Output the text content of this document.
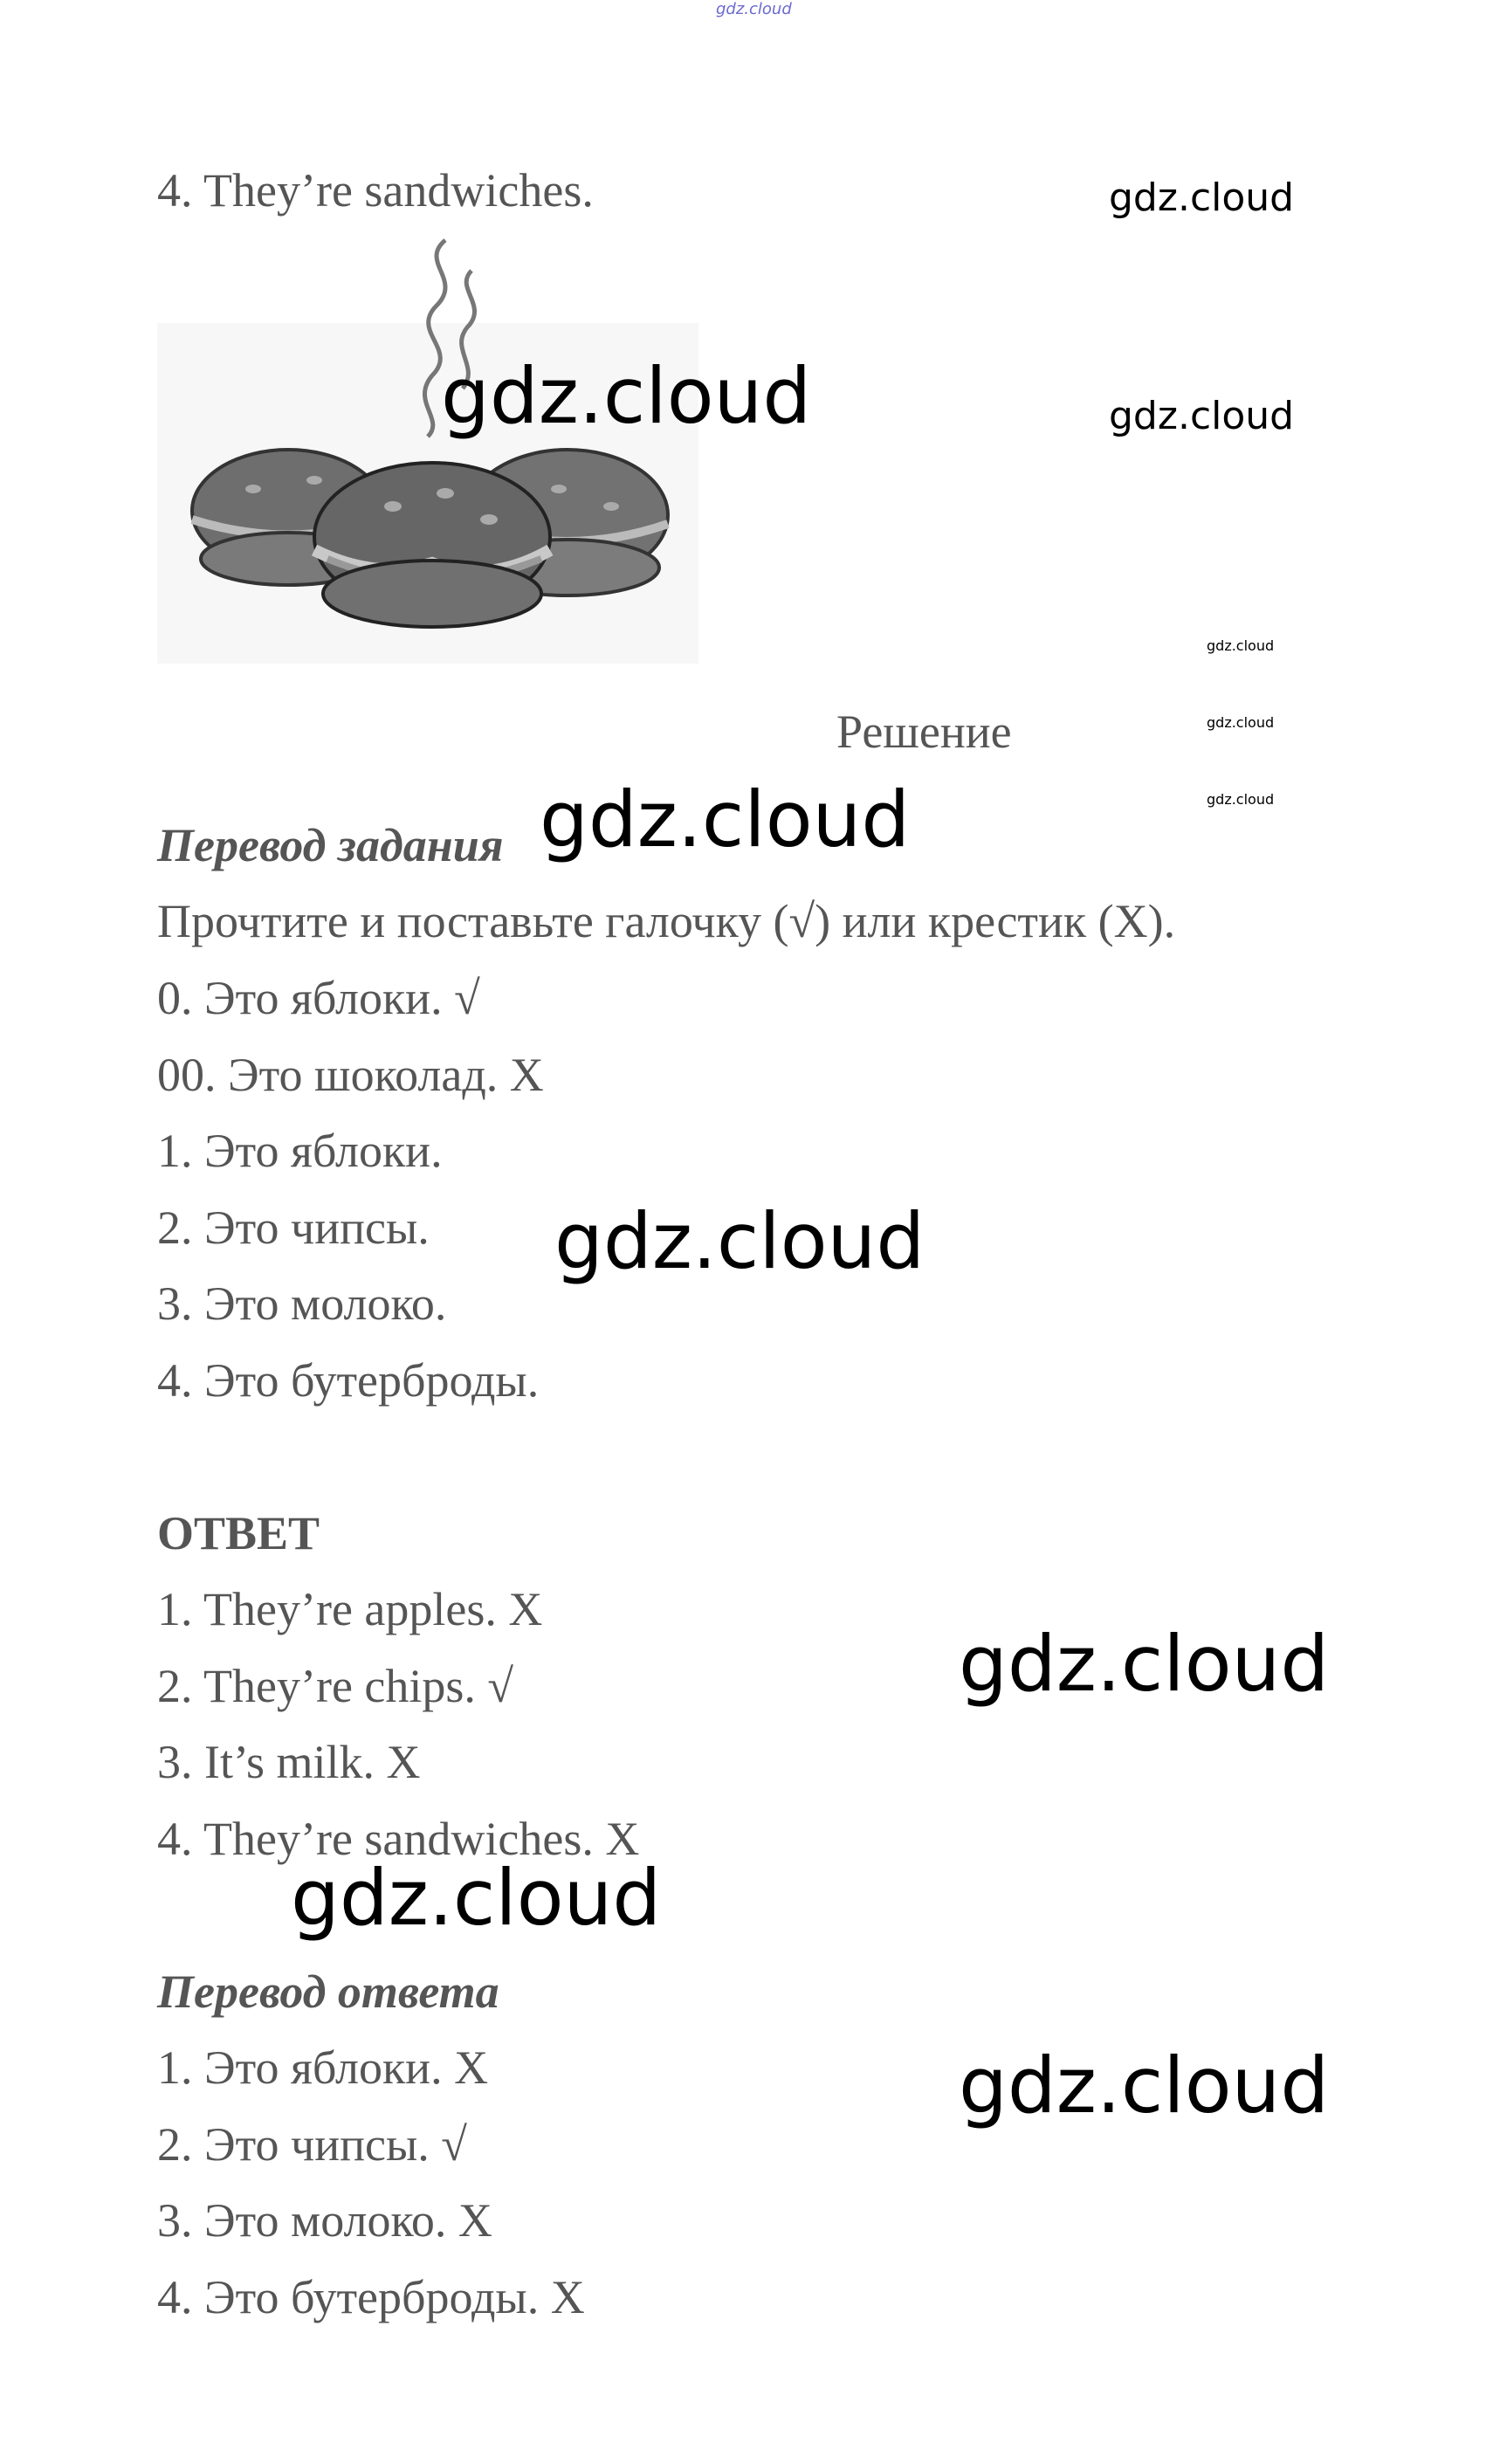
gdz.cloud
4. They’re sandwiches.	gdz.cloud
gdz.cloud
gdz.cloud
gdz.cloud
gdz.cloud
gdz.cloud
Решение
Перевод задания gdz.cloud
Прочтите и поставьте галочку (√) или крестик (Х).
0. Это яблоки. √
00. Это шоколад. Х
1. Это яблоки.
2. Это чипсы.
3. Это молоко.
4. Это бутерброды.
gdz.cloud
ОТВЕТ
1. They’re apples. X
2. They’re chips. √
3. It’s milk. X
4. They’re sandwiches. X
gdz.cloud
gdz.cloud
Перевод ответа
1. Это яблоки. Х
2. Это чипсы. √
3. Это молоко. Х
4. Это бутерброды. Х
gdz.cloud
